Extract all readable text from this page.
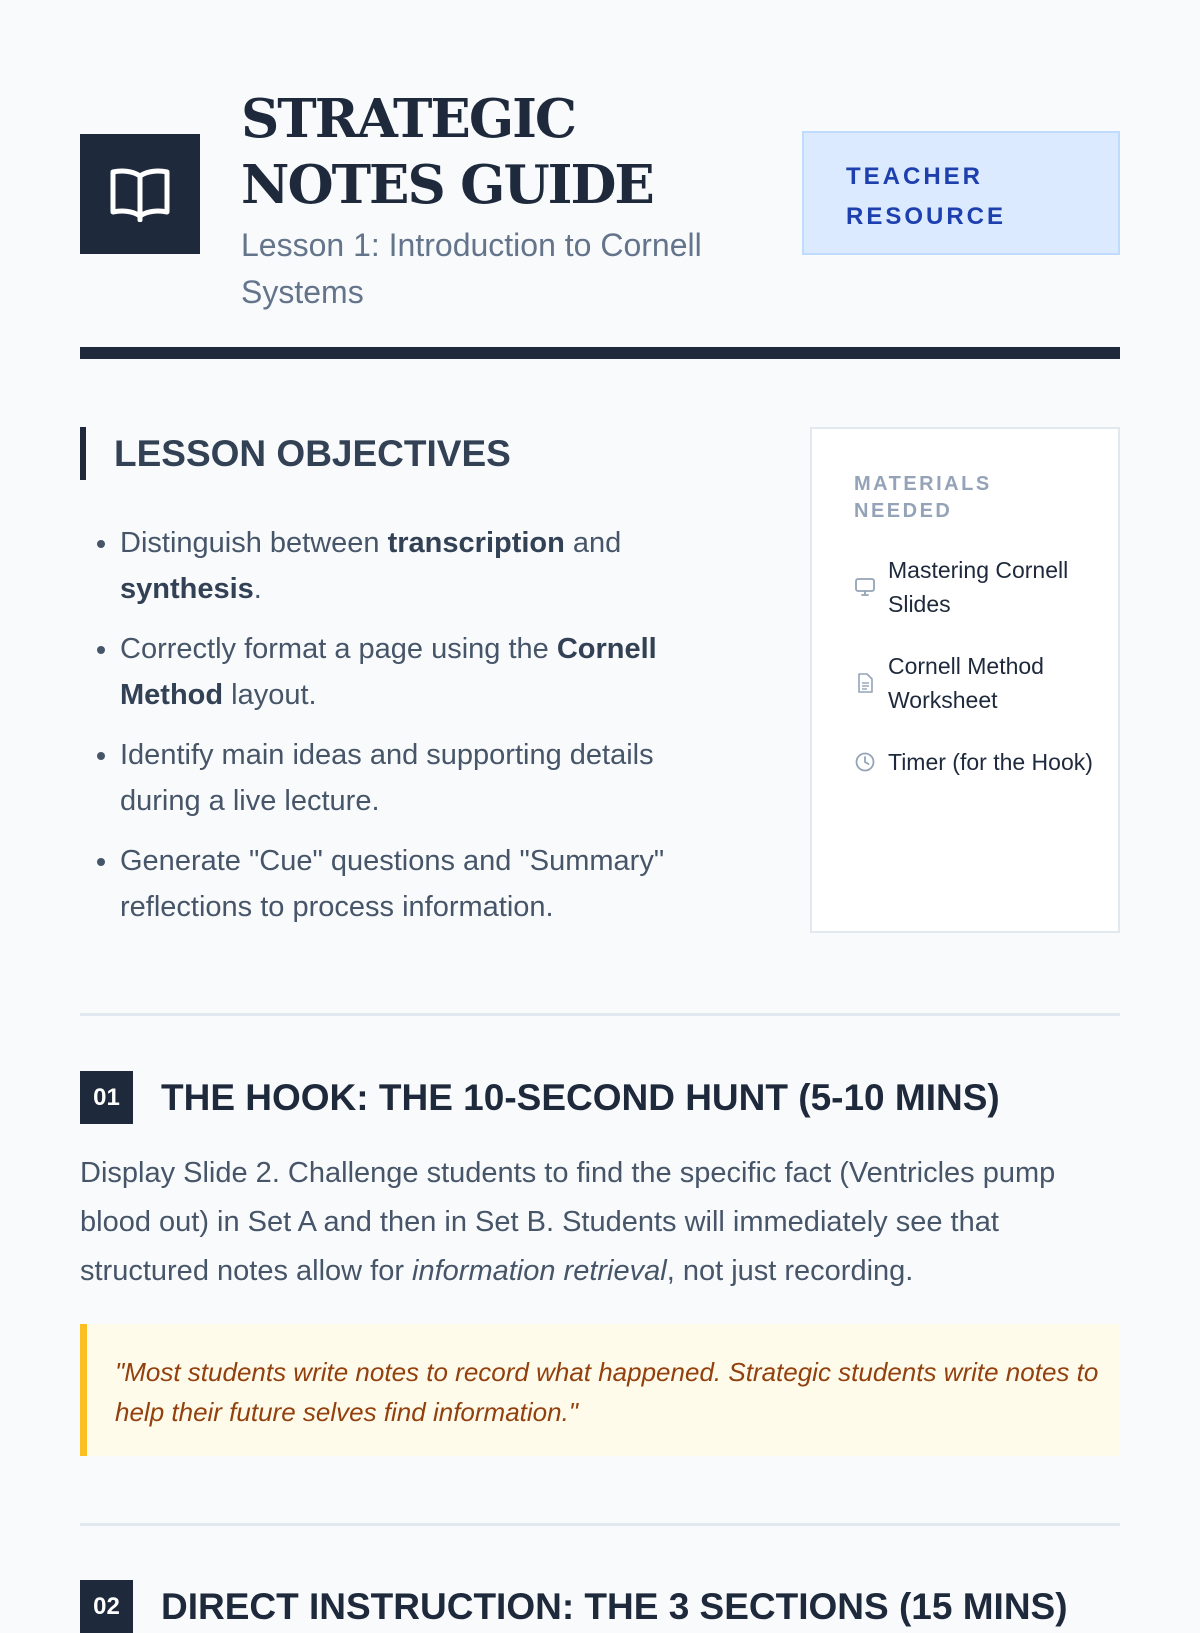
STRATEGIC NOTES GUIDE
Lesson 1: Introduction to Cornell Systems
TEACHER
RESOURCE
LESSON OBJECTIVES
• Distinguish between transcription and synthesis.
• Correctly format a page using the Cornell Method layout.
• Identify main ideas and supporting details during a live lecture.
• Generate "Cue" questions and "Summary" reflections to process information.
MATERIALS
NEEDED
Mastering Cornell Slides
Cornell Method Worksheet
Timer (for the Hook)
01	THE HOOK: THE 10-SECOND HUNT (5-10 MINS)

Display Slide 2. Challenge students to find the specific fact (Ventricles pump blood out) in Set A and then in Set B. Students will immediately see that structured notes allow for information retrieval, not just recording.

"Most students write notes to record what happened. Strategic students write notes to help their future selves find information."

02	DIRECT INSTRUCTION: THE 3 SECTIONS (15 MINS)
